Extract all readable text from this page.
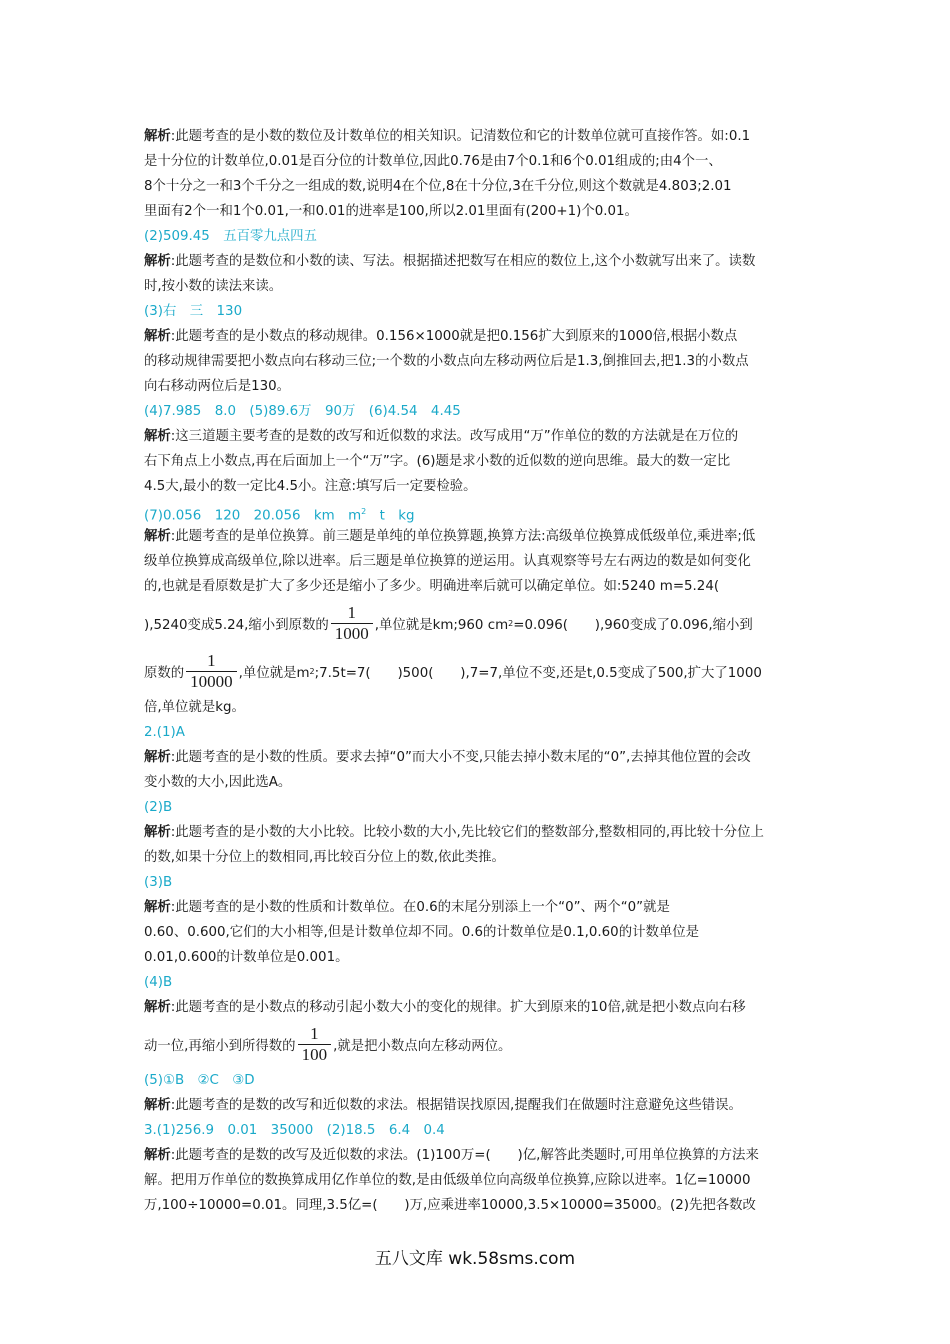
解析:此题考查的是小数的数位及计数单位的相关知识。记清数位和它的计数单位就可直接作答。如:0.1
是十分位的计数单位,0.01是百分位的计数单位,因此0.76是由7个0.1和6个0.01组成的;由4个一、
8个十分之一和3个千分之一组成的数,说明4在个位,8在十分位,3在千分位,则这个数就是4.803;2.01
里面有2个一和1个0.01,一和0.01的进率是100,所以2.01里面有(200+1)个0.01。
(2)509.45　五百零九点四五
解析:此题考查的是数位和小数的读、写法。根据描述把数写在相应的数位上,这个小数就写出来了。读数
时,按小数的读法来读。
(3)右　三　130
解析:此题考查的是小数点的移动规律。0.156×1000就是把0.156扩大到原来的1000倍,根据小数点
的移动规律需要把小数点向右移动三位;一个数的小数点向左移动两位后是1.3,倒推回去,把1.3的小数点
向右移动两位后是130。
(4)7.985　8.0　(5)89.6万　90万　(6)4.54　4.45
解析:这三道题主要考查的是数的改写和近似数的求法。改写成用“万”作单位的数的方法就是在万位的
右下角点上小数点,再在后面加上一个“万”字。(6)题是求小数的近似数的逆向思维。最大的数一定比
4.5大,最小的数一定比4.5小。注意:填写后一定要检验。
(7)0.056　120　20.056　km　$m^2$　t　kg
解析:此题考查的是单位换算。前三题是单纯的单位换算题,换算方法:高级单位换算成低级单位,乘进率;低
级单位换算成高级单位,除以进率。后三题是单位换算的逆运用。认真观察等号左右两边的数是如何变化
的,也就是看原数是扩大了多少还是缩小了多少。明确进率后就可以确定单位。如:5240 m=5.24(
),5240变成5.24,缩小到原数的 $\frac{1}{1000}$ ,单位就是km;960 cm 2 =0.096(　　),960变成了0.096,缩小到
原数的 $\frac{1}{10000}$ ,单位就是m 2 ;7.5t=7(　　)500(　　),7=7,单位不变,还是t,0.5变成了500,扩大了1000
倍,单位就是kg。
2.(1)A
解析:此题考查的是小数的性质。要求去掉“0”而大小不变,只能去掉小数末尾的“0”,去掉其他位置的会改
变小数的大小,因此选A。
(2)B
解析:此题考查的是小数的大小比较。比较小数的大小,先比较它们的整数部分,整数相同的,再比较十分位上
的数,如果十分位上的数相同,再比较百分位上的数,依此类推。
(3)B
解析:此题考查的是小数的性质和计数单位。在0.6的末尾分别添上一个“0”、两个“0”就是
0.60、0.600,它们的大小相等,但是计数单位却不同。0.6的计数单位是0.1,0.60的计数单位是
0.01,0.600的计数单位是0.001。
(4)B
解析:此题考查的是小数点的移动引起小数大小的变化的规律。扩大到原来的10倍,就是把小数点向右移
动一位,再缩小到所得数的 $\frac{1}{100}$ ,就是把小数点向左移动两位。
(5)①B　②C　③D
解析:此题考查的是数的改写和近似数的求法。根据错误找原因,提醒我们在做题时注意避免这些错误。
3.(1)256.9　0.01　35000　(2)18.5　6.4　0.4
解析:此题考查的是数的改写及近似数的求法。(1)100万=(　　)亿,解答此类题时,可用单位换算的方法来
解。把用万作单位的数换算成用亿作单位的数,是由低级单位向高级单位换算,应除以进率。1亿=10000
万,100÷10000=0.01。同理,3.5亿=(　　)万,应乘进率10000,3.5×10000=35000。(2)先把各数改
五八文库 wk.58sms.com
